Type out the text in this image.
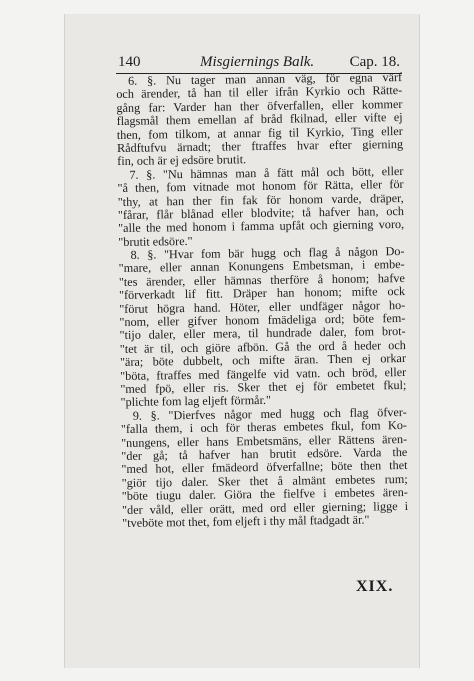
140	Misgiernings Balk. Cap. 18.
6. §. Nu tager man annan väg, för egna värf
och ärender, tå han til eller ifrån Kyrkio och Rätte-
gång far: Varder han ther öfverfallen, eller kommer
flagsmål them emellan af bråd fkilnad, eller vifte ej
then, fom tilkom, at annar fig til Kyrkio, Ting eller
Rådftufvu ärnadt; ther ftraffes hvar efter gierning
fin, och är ej edsöre brutit.
7. §. "Nu hämnas man å fätt mål och bött, eller
"å then, fom vitnade mot honom för Rätta, eller för
"thy, at han ther fin fak för honom varde, dräper,
"fårar, flår blånad eller blodvite; tå hafver han, och
"alle the med honom i famma upfåt och gierning voro,
"brutit edsöre."
8. §. "Hvar fom bär hugg och flag å någon Do-
"mare, eller annan Konungens Embetsman, i embe-
"tes ärender, eller hämnas therföre å honom; hafve
"förverkadt lif fitt. Dräper han honom; mifte ock
"förut högra hand. Höter, eller undfäger någor ho-
"nom, eller gifver honom fmädeliga ord; böte fem-
"tijo daler, eller mera, til hundrade daler, fom brot-
"tet är til, och giöre afbön. Gå the ord å heder och
"ära; böte dubbelt, och mifte äran. Then ej orkar
"böta, ftraffes med fängelfe vid vatn. och bröd, eller
"med fpö, eller ris. Sker thet ej för embetet fkul;
"plichte fom lag eljeft förmår."
9. §. "Dierfves någor med hugg och flag öfver-
"falla them, i och för theras embetes fkul, fom Ko-
"nungens, eller hans Embetsmäns, eller Rättens ären-
"der gå; tå hafver han brutit edsöre. Varda the
"med hot, eller fmädeord öfverfallne; böte then thet
"giör tijo daler. Sker thet å almänt embetes rum;
"böte tiugu daler. Giöra the fielfve i embetes ären-
"der våld, eller orätt, med ord eller gierning; ligge i
"tveböte mot thet, fom eljeft i thy mål ftadgadt är."
XIX.
